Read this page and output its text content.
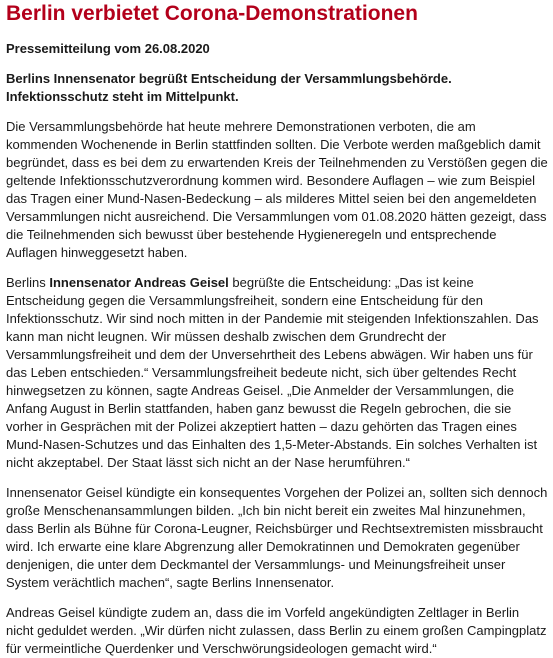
Berlin verbietet Corona-Demonstrationen
Pressemitteilung vom 26.08.2020
Berlins Innensenator begrüßt Entscheidung der Versammlungsbehörde. Infektionsschutz steht im Mittelpunkt.

Die Versammlungsbehörde hat heute mehrere Demonstrationen verboten, die am kommenden Wochenende in Berlin stattfinden sollten. Die Verbote werden maßgeblich damit begründet, dass es bei dem zu erwartenden Kreis der Teilnehmenden zu Verstößen gegen die geltende Infektionsschutzverordnung kommen wird. Besondere Auflagen – wie zum Beispiel das Tragen einer Mund-Nasen-Bedeckung – als milderes Mittel seien bei den angemeldeten Versammlungen nicht ausreichend. Die Versammlungen vom 01.08.2020 hätten gezeigt, dass die Teilnehmenden sich bewusst über bestehende Hygieneregeln und entsprechende Auflagen hinweggesetzt haben.

Berlins Innensenator Andreas Geisel begrüßte die Entscheidung: „Das ist keine Entscheidung gegen die Versammlungsfreiheit, sondern eine Entscheidung für den Infektionsschutz. Wir sind noch mitten in der Pandemie mit steigenden Infektionszahlen. Das kann man nicht leugnen. Wir müssen deshalb zwischen dem Grundrecht der Versammlungsfreiheit und dem der Unversehrtheit des Lebens abwägen. Wir haben uns für das Leben entschieden.“ Versammlungsfreiheit bedeute nicht, sich über geltendes Recht hinwegsetzen zu können, sagte Andreas Geisel. „Die Anmelder der Versammlungen, die Anfang August in Berlin stattfanden, haben ganz bewusst die Regeln gebrochen, die sie vorher in Gesprächen mit der Polizei akzeptiert hatten – dazu gehörten das Tragen eines Mund-Nasen-Schutzes und das Einhalten des 1,5-Meter-Abstands. Ein solches Verhalten ist nicht akzeptabel. Der Staat lässt sich nicht an der Nase herumführen.“

Innensenator Geisel kündigte ein konsequentes Vorgehen der Polizei an, sollten sich dennoch große Menschenansammlungen bilden. „Ich bin nicht bereit ein zweites Mal hinzunehmen, dass Berlin als Bühne für Corona-Leugner, Reichsbürger und Rechtsextremisten missbraucht wird. Ich erwarte eine klare Abgrenzung aller Demokratinnen und Demokraten gegenüber denjenigen, die unter dem Deckmantel der Versammlungs- und Meinungsfreiheit unser System verächtlich machen“, sagte Berlins Innensenator.

Andreas Geisel kündigte zudem an, dass die im Vorfeld angekündigten Zeltlager in Berlin nicht geduldet werden. „Wir dürfen nicht zulassen, dass Berlin zu einem großen Campingplatz für vermeintliche Querdenker und Verschwörungsideologen gemacht wird.“
